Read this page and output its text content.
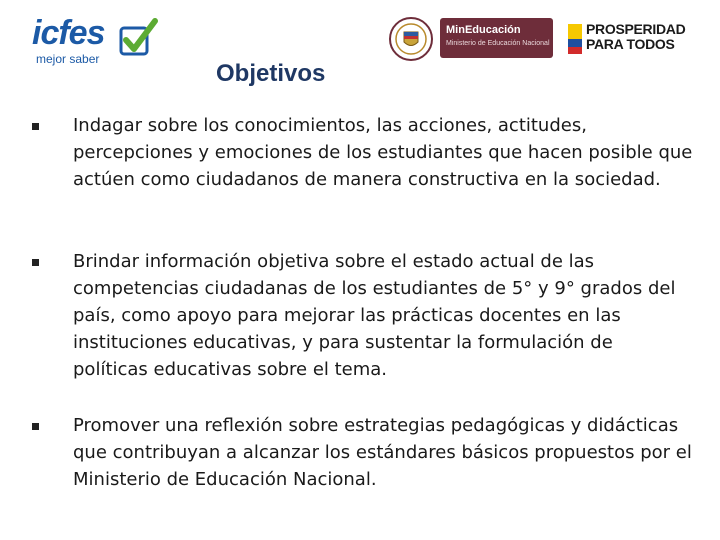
icfes
mejor saber
MinEducación
Ministerio de Educación Nacional
PROSPERIDAD
PARA TODOS
Objetivos
Indagar sobre los conocimientos, las acciones, actitudes, percepciones y emociones de los estudiantes que hacen posible que actúen como ciudadanos de manera constructiva en la sociedad.
Brindar información objetiva sobre el estado actual de las competencias ciudadanas de los estudiantes de 5° y 9° grados del país, como apoyo para mejorar las prácticas docentes en las instituciones educativas, y para sustentar la formulación de políticas educativas sobre el tema.
Promover una reflexión sobre estrategias pedagógicas y didácticas que contribuyan a alcanzar los estándares básicos propuestos por el Ministerio de Educación Nacional.
